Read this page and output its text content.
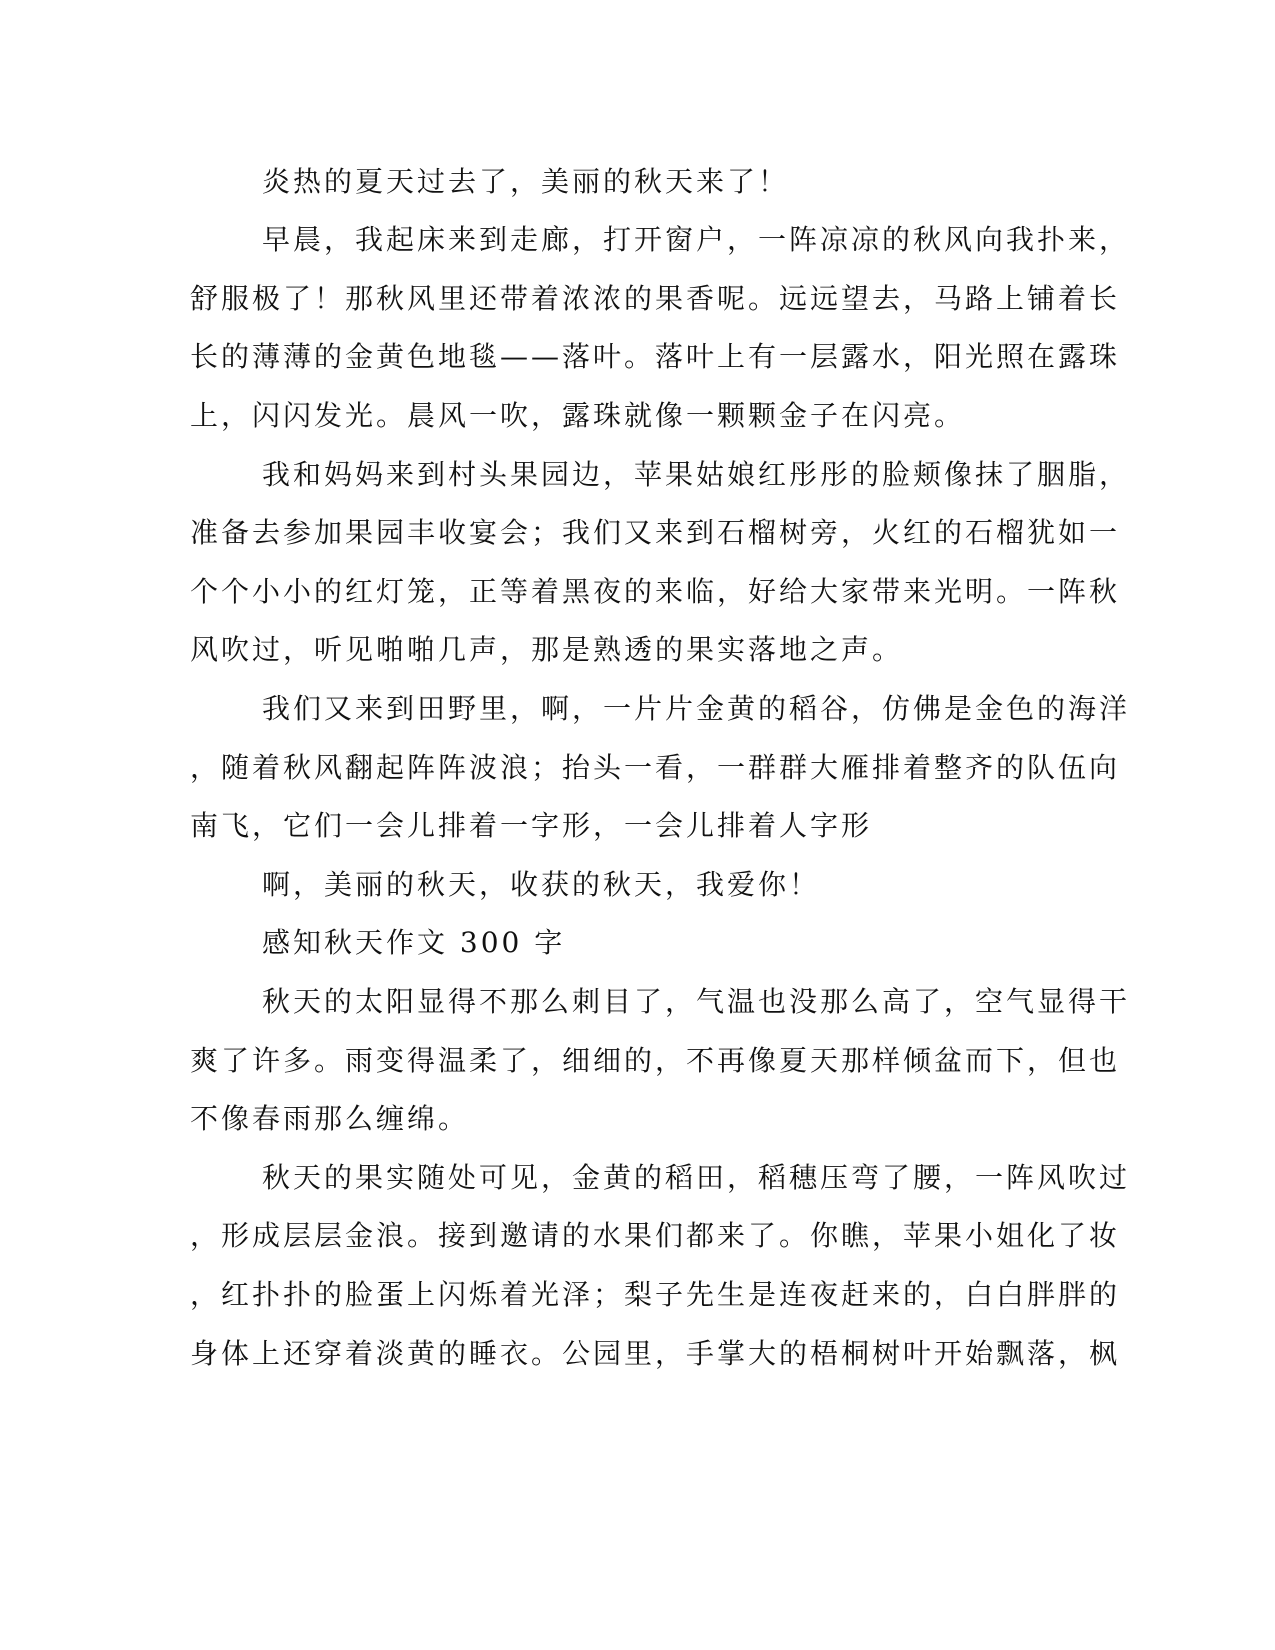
炎热的夏天过去了，美丽的秋天来了！
早晨，我起床来到走廊，打开窗户，一阵凉凉的秋风向我扑来，
舒服极了！那秋风里还带着浓浓的果香呢。远远望去，马路上铺着长
长的薄薄的金黄色地毯——落叶。落叶上有一层露水，阳光照在露珠
上，闪闪发光。晨风一吹，露珠就像一颗颗金子在闪亮。
我和妈妈来到村头果园边，苹果姑娘红彤彤的脸颊像抹了胭脂，
准备去参加果园丰收宴会；我们又来到石榴树旁，火红的石榴犹如一
个个小小的红灯笼，正等着黑夜的来临，好给大家带来光明。一阵秋
风吹过，听见啪啪几声，那是熟透的果实落地之声。
我们又来到田野里，啊，一片片金黄的稻谷，仿佛是金色的海洋
，随着秋风翻起阵阵波浪；抬头一看，一群群大雁排着整齐的队伍向
南飞，它们一会儿排着一字形，一会儿排着人字形
啊，美丽的秋天，收获的秋天，我爱你！
感知秋天作文 300 字
秋天的太阳显得不那么刺目了，气温也没那么高了，空气显得干
爽了许多。雨变得温柔了，细细的，不再像夏天那样倾盆而下，但也
不像春雨那么缠绵。
秋天的果实随处可见，金黄的稻田，稻穗压弯了腰，一阵风吹过
，形成层层金浪。接到邀请的水果们都来了。你瞧，苹果小姐化了妆
，红扑扑的脸蛋上闪烁着光泽；梨子先生是连夜赶来的，白白胖胖的
身体上还穿着淡黄的睡衣。公园里，手掌大的梧桐树叶开始飘落，枫
